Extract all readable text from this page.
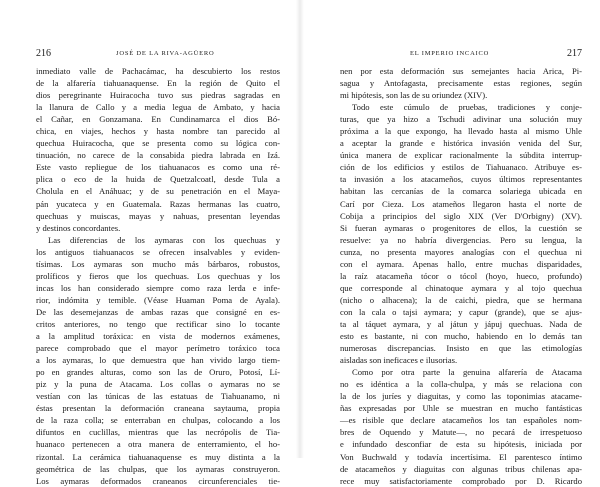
216	JOSÉ DE LA RIVA-AGÜERO
inmediato valle de Pachacámac, ha descubierto los restos
de la alfarería tiahuanaquense. En la región de Quito el
dios peregrinante Huiracocha tuvo sus piedras sagradas en
la llanura de Callo y a media legua de Ambato, y hacia
el Cañar, en Gonzamana. En Cundinamarca el dios Bó-
chica, en viajes, hechos y hasta nombre tan parecido al
quechua Huiracocha, que se presenta como su lógica con-
tinuación, no carece de la consabida piedra labrada en Izá.
Este vasto repliegue de los tiahuanacos es como una ré-
plica o eco de la huida de Quetzalcoatl, desde Tula a
Cholula en el Anáhuac; y de su penetración en el Maya-
pán yucateca y en Guatemala. Razas hermanas las cuatro,
quechuas y muiscas, mayas y nahuas, presentan leyendas
y destinos concordantes.
Las diferencias de los aymaras con los quechuas y
los antiguos tiahuanacos se ofrecen insalvables y eviden-
tísimas. Los aymaras son mucho más bárbaros, robustos,
prolíficos y fieros que los quechuas. Los quechuas y los
incas los han considerado siempre como raza lerda e infe-
rior, indómita y temible. (Véase Huaman Poma de Ayala).
De las desemejanzas de ambas razas que consigné en es-
critos anteriores, no tengo que rectificar sino lo tocante
a la amplitud toráxica: en vista de modernos exámenes,
parece comprobado que el mayor perímetro toráxico toca
a los aymaras, lo que demuestra que han vivido largo tiem-
po en grandes alturas, como son las de Oruro, Potosí, Lí-
piz y la puna de Atacama. Los collas o aymaras no se
vestían con las túnicas de las estatuas de Tiahuanamo, ni
éstas presentan la deformación craneana saytauma, propia
de la raza colla; se enterraban en chulpas, colocando a los
difuntos en cuclillas, mientras que las necrópolis de Tia-
huanaco pertenecen a otra manera de enterramiento, el ho-
rizontal. La cerámica tiahuanaquense es muy distinta a la
geométrica de las chulpas, que los aymaras construyeron.
Los aymaras deformados craneanos circunferenciales tie-
EL IMPERIO INCAICO	217
nen por esta deformación sus semejantes hacia Arica, Pi-
sagua y Antofagasta, precisamente estas regiones, según
mi hipótesis, son las de su oriundez (XIV).
Todo este cúmulo de pruebas, tradiciones y conje-
turas, que ya hizo a Tschudi adivinar una solución muy
próxima a la que expongo, ha llevado hasta al mismo Uhle
a aceptar la grande e histórica invasión venida del Sur,
única manera de explicar racionalmente la súbdita interrup-
ción de los edificios y estilos de Tiahuanaco. Atribuye es-
ta invasión a los atacameños, cuyos últimos representantes
habitan las cercanías de la comarca solariega ubicada en
Carí por Cieza. Los atameños llegaron hasta el norte de
Cobija a principios del siglo XIX (Ver D'Orbigny) (XV).
Si fueran aymaras o progenitores de ellos, la cuestión se
resuelve: ya no habría divergencias. Pero su lengua, la
cunza, no presenta mayores analogías con el quechua ni
con el aymara. Apenas hallo, entre muchas disparidades,
la raíz atacameña tócor o tócol (hoyo, hueco, profundo)
que corresponde al chinatoque aymara y al tojo quechua
(nicho o alhacena); la de caichi, piedra, que se hermana
con la cala o tajsi aymara; y capur (grande), que se ajus-
ta al táquet aymara, y al játun y jápuj quechuas. Nada de
esto es bastante, ni con mucho, habiendo en lo demás tan
numerosas discrepancias. Insisto en que las etimologías
aisladas son ineficaces e ilusorias.
Como por otra parte la genuina alfarería de Atacama
no es idéntica a la colla-chulpa, y más se relaciona con
la de los juríes y diaguitas, y como las toponimias atacame-
ñas expresadas por Uhle se muestran en mucho fantásticas
—es risible que declare atacameños los tan españoles nom-
bres de Oquendo y Matute—, no pecará de irrespetuoso
e infundado desconfiar de esta su hipótesis, iniciada por
Von Buchwald y todavía incertísima. El parentesco íntimo
de atacameños y diaguitas con algunas tribus chilenas apa-
rece muy satisfactoriamente comprobado por D. Ricardo
